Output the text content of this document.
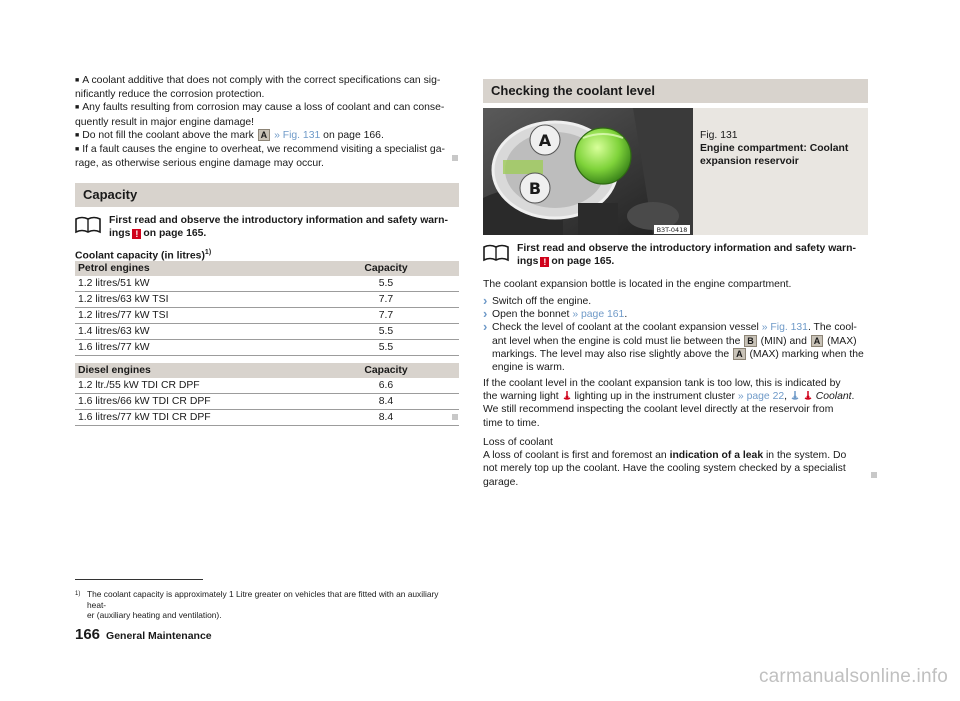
■ A coolant additive that does not comply with the correct specifications can sig-

nificantly reduce the corrosion protection.

■ Any faults resulting from corrosion may cause a loss of coolant and can conse-

quently result in major engine damage!

■ Do not fill the coolant above the mark A » Fig. 131 on page 166.

■ If a fault causes the engine to overheat, we recommend visiting a specialist ga-

rage, as otherwise serious engine damage may occur.

Capacity
First read and observe the introductory information and safety warn-
ings ! on page 165.
Coolant capacity (in litres)$^{1)}$
Petrol engines	Capacity
1.2 litres/51 kW	5.5
1.2 litres/63 kW TSI	7.7
1.2 litres/77 kW TSI	7.7
1.4 litres/63 kW	5.5
1.6 litres/77 kW	5.5
Diesel engines	Capacity
1.2 ltr./55 kW TDI CR DPF	6.6
1.6 litres/66 kW TDI CR DPF	8.4
1.6 litres/77 kW TDI CR DPF	8.4
Checking the coolant level
A
B
B3T-0418
Fig. 131
Engine compartment: Coolant
expansion reservoir
First read and observe the introductory information and safety warn-
ings ! on page 165.

The coolant expansion bottle is located in the engine compartment.

› Switch off the engine.

› Open the bonnet » page 161.

› Check the level of coolant at the coolant expansion vessel » Fig. 131. The cool-
ant level when the engine is cold must lie between the B (MIN) and A (MAX)
markings. The level may also rise slightly above the A (MAX) marking when the
engine is warm.
If the coolant level in the coolant expansion tank is too low, this is indicated by
the warning light lighting up in the instrument cluster » page 22,	Coolant.
We still recommend inspecting the coolant level directly at the reservoir from
time to time.
Loss of coolant
A loss of coolant is first and foremost an indication of a leak in the system. Do
not merely top up the coolant. Have the cooling system checked by a specialist
garage.
1) The coolant capacity is approximately 1 Litre greater on vehicles that are fitted with an auxiliary heat-
er (auxiliary heating and ventilation).
166 General Maintenance
carmanualsonline.info
